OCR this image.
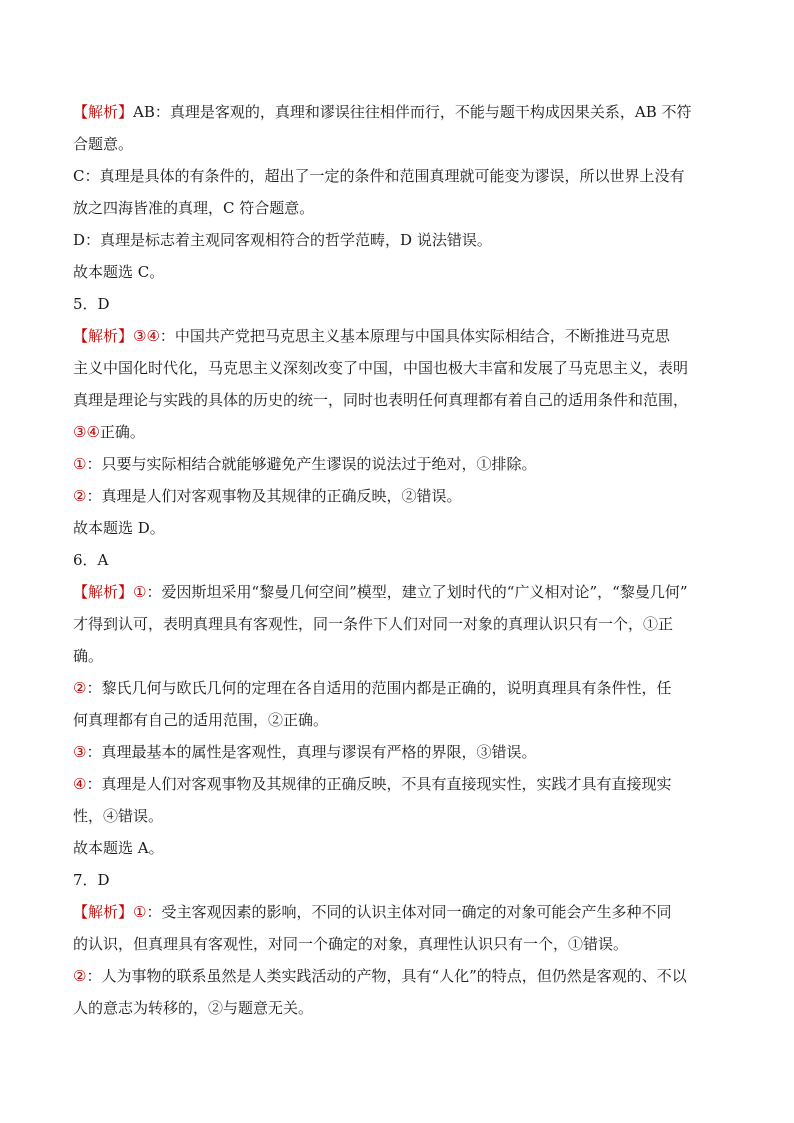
【解析】AB：真理是客观的，真理和谬误往往相伴而行，不能与题干构成因果关系，AB 不符
合题意。
C：真理是具体的有条件的，超出了一定的条件和范围真理就可能变为谬误，所以世界上没有
放之四海皆准的真理，C 符合题意。
D：真理是标志着主观同客观相符合的哲学范畴，D 说法错误。
故本题选 C。
5．D
【解析】③④：中国共产党把马克思主义基本原理与中国具体实际相结合，不断推进马克思
主义中国化时代化，马克思主义深刻改变了中国，中国也极大丰富和发展了马克思主义，表明
真理是理论与实践的具体的历史的统一，同时也表明任何真理都有着自己的适用条件和范围，
③④正确。
①：只要与实际相结合就能够避免产生谬误的说法过于绝对，①排除。
②：真理是人们对客观事物及其规律的正确反映，②错误。
故本题选 D。
6．A
【解析】①：爱因斯坦采用“黎曼几何空间”模型，建立了划时代的“广义相对论”，“黎曼几何”
才得到认可，表明真理具有客观性，同一条件下人们对同一对象的真理认识只有一个，①正
确。
②：黎氏几何与欧氏几何的定理在各自适用的范围内都是正确的，说明真理具有条件性，任
何真理都有自己的适用范围，②正确。
③：真理最基本的属性是客观性，真理与谬误有严格的界限，③错误。
④：真理是人们对客观事物及其规律的正确反映，不具有直接现实性，实践才具有直接现实
性，④错误。
故本题选 A。
7．D
【解析】①：受主客观因素的影响，不同的认识主体对同一确定的对象可能会产生多种不同
的认识，但真理具有客观性，对同一个确定的对象，真理性认识只有一个，①错误。
②：人为事物的联系虽然是人类实践活动的产物，具有“人化”的特点，但仍然是客观的、不以
人的意志为转移的，②与题意无关。
